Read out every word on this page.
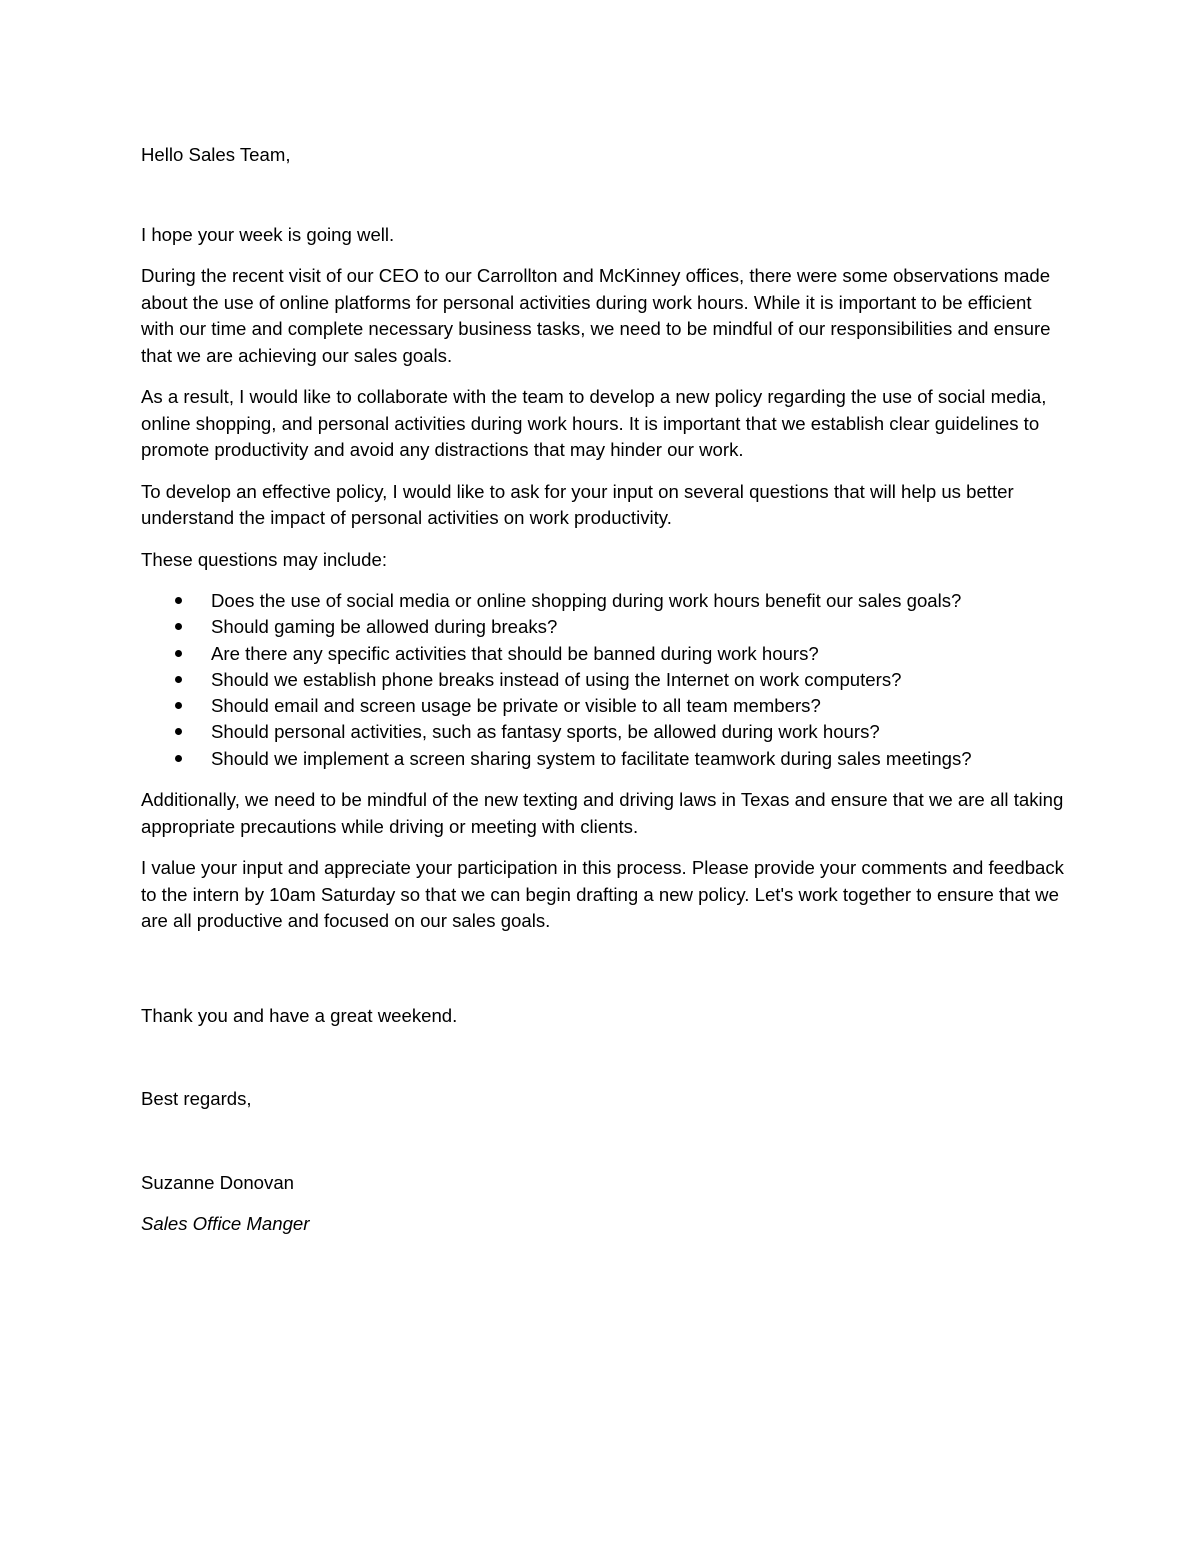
Hello Sales Team,

I hope your week is going well.

During the recent visit of our CEO to our Carrollton and McKinney offices, there were some observations made about the use of online platforms for personal activities during work hours. While it is important to be efficient with our time and complete necessary business tasks, we need to be mindful of our responsibilities and ensure that we are achieving our sales goals.

As a result, I would like to collaborate with the team to develop a new policy regarding the use of social media, online shopping, and personal activities during work hours. It is important that we establish clear guidelines to promote productivity and avoid any distractions that may hinder our work.

To develop an effective policy, I would like to ask for your input on several questions that will help us better understand the impact of personal activities on work productivity.

These questions may include:

Does the use of social media or online shopping during work hours benefit our sales goals?
Should gaming be allowed during breaks?
Are there any specific activities that should be banned during work hours?
Should we establish phone breaks instead of using the Internet on work computers?
Should email and screen usage be private or visible to all team members?
Should personal activities, such as fantasy sports, be allowed during work hours?
Should we implement a screen sharing system to facilitate teamwork during sales meetings?

Additionally, we need to be mindful of the new texting and driving laws in Texas and ensure that we are all taking appropriate precautions while driving or meeting with clients.

I value your input and appreciate your participation in this process. Please provide your comments and feedback to the intern by 10am Saturday so that we can begin drafting a new policy. Let's work together to ensure that we are all productive and focused on our sales goals.

Thank you and have a great weekend.

Best regards,

Suzanne Donovan

Sales Office Manger
